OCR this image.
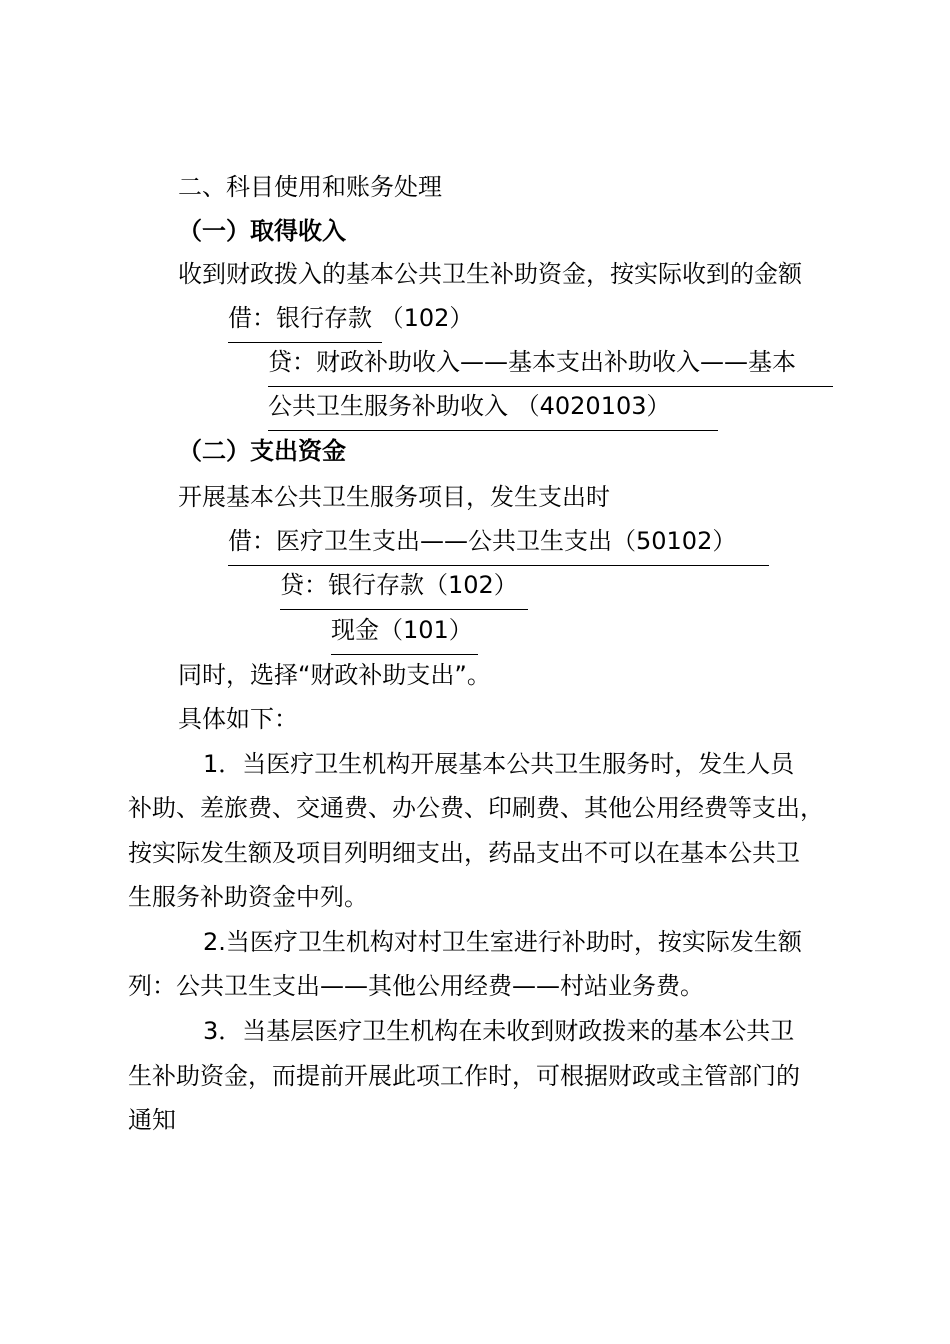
二、科目使用和账务处理
（一）取得收入
收到财政拨入的基本公共卫生补助资金，按实际收到的金额
借：银行存款 （102）
贷：财政补助收入——基本支出补助收入——基本
公共卫生服务补助收入 （4020103）
（二）支出资金
开展基本公共卫生服务项目，发生支出时
借：医疗卫生支出——公共卫生支出（50102）
贷：银行存款（102）
现金（101）
同时，选择“财政补助支出”。
具体如下：
1．当医疗卫生机构开展基本公共卫生服务时，发生人员
补助、差旅费、交通费、办公费、印刷费、其他公用经费等支出，
按实际发生额及项目列明细支出，药品支出不可以在基本公共卫
生服务补助资金中列。
2.当医疗卫生机构对村卫生室进行补助时，按实际发生额
列：公共卫生支出——其他公用经费——村站业务费。
3．当基层医疗卫生机构在未收到财政拨来的基本公共卫
生补助资金，而提前开展此项工作时，可根据财政或主管部门的
通知
